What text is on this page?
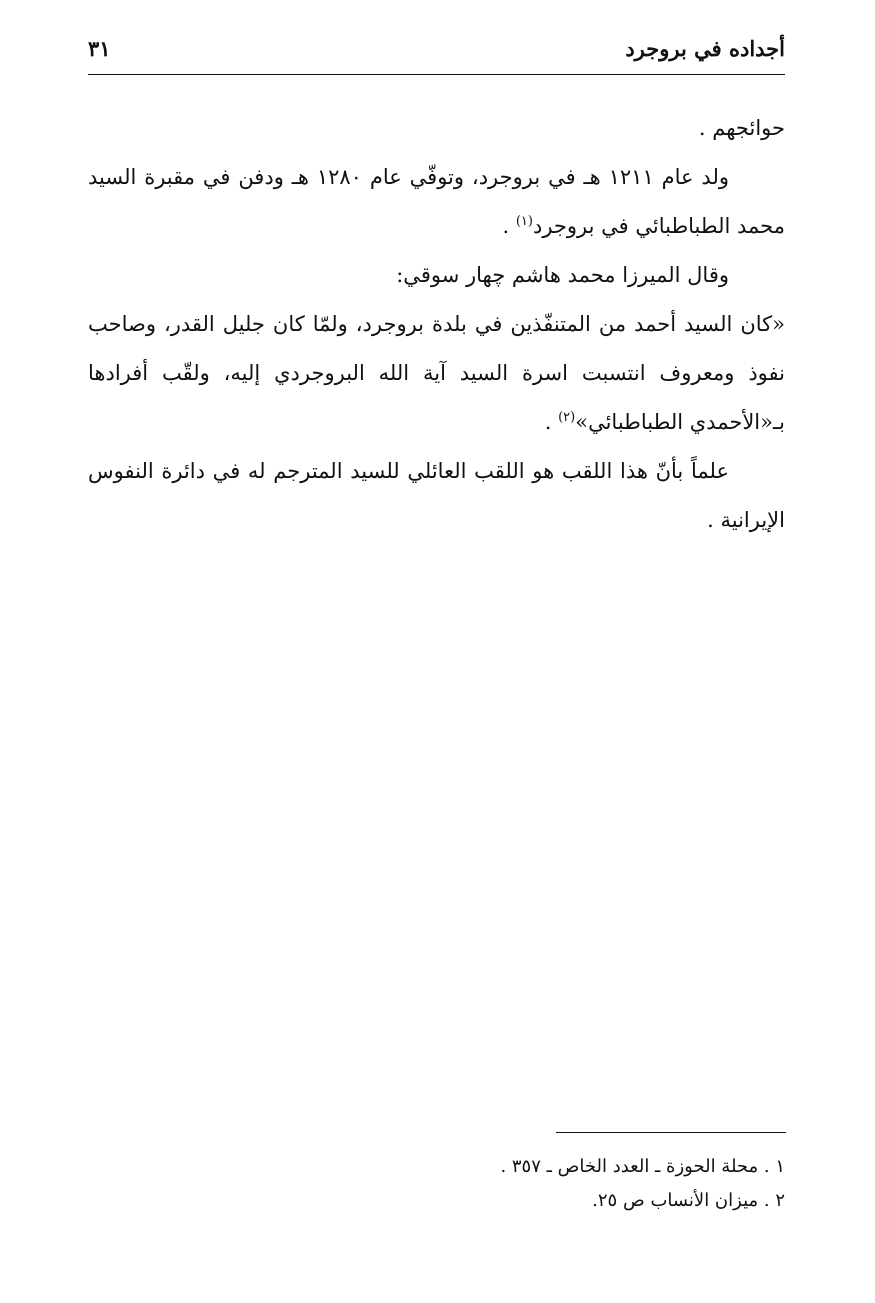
أجداده في بروجرد
٣١

حوائجهم .

ولد عام ١٢١١ هـ في بروجرد، وتوفّي عام ١٢٨٠ هـ ودفن في مقبرة السيد محمد الطباطبائي في بروجرد$^{(١)}$ .

وقال الميرزا محمد هاشم چهار سوقي:

«كان السيد أحمد من المتنفّذين في بلدة بروجرد، ولمّا كان جليل القدر، وصاحب نفوذ ومعروف انتسبت اسرة السيد آية الله البروجردي إليه، ولقّب أفرادها بـ«الأحمدي الطباطبائي»$^{(٢)}$ .

علماً بأنّ هذا اللقب هو اللقب العائلي للسيد المترجم له في دائرة النفوس الإيرانية .

١ . محلة الحوزة ـ العدد الخاص ـ ٣٥٧ .
٢ . ميزان الأنساب ص ٢٥.
